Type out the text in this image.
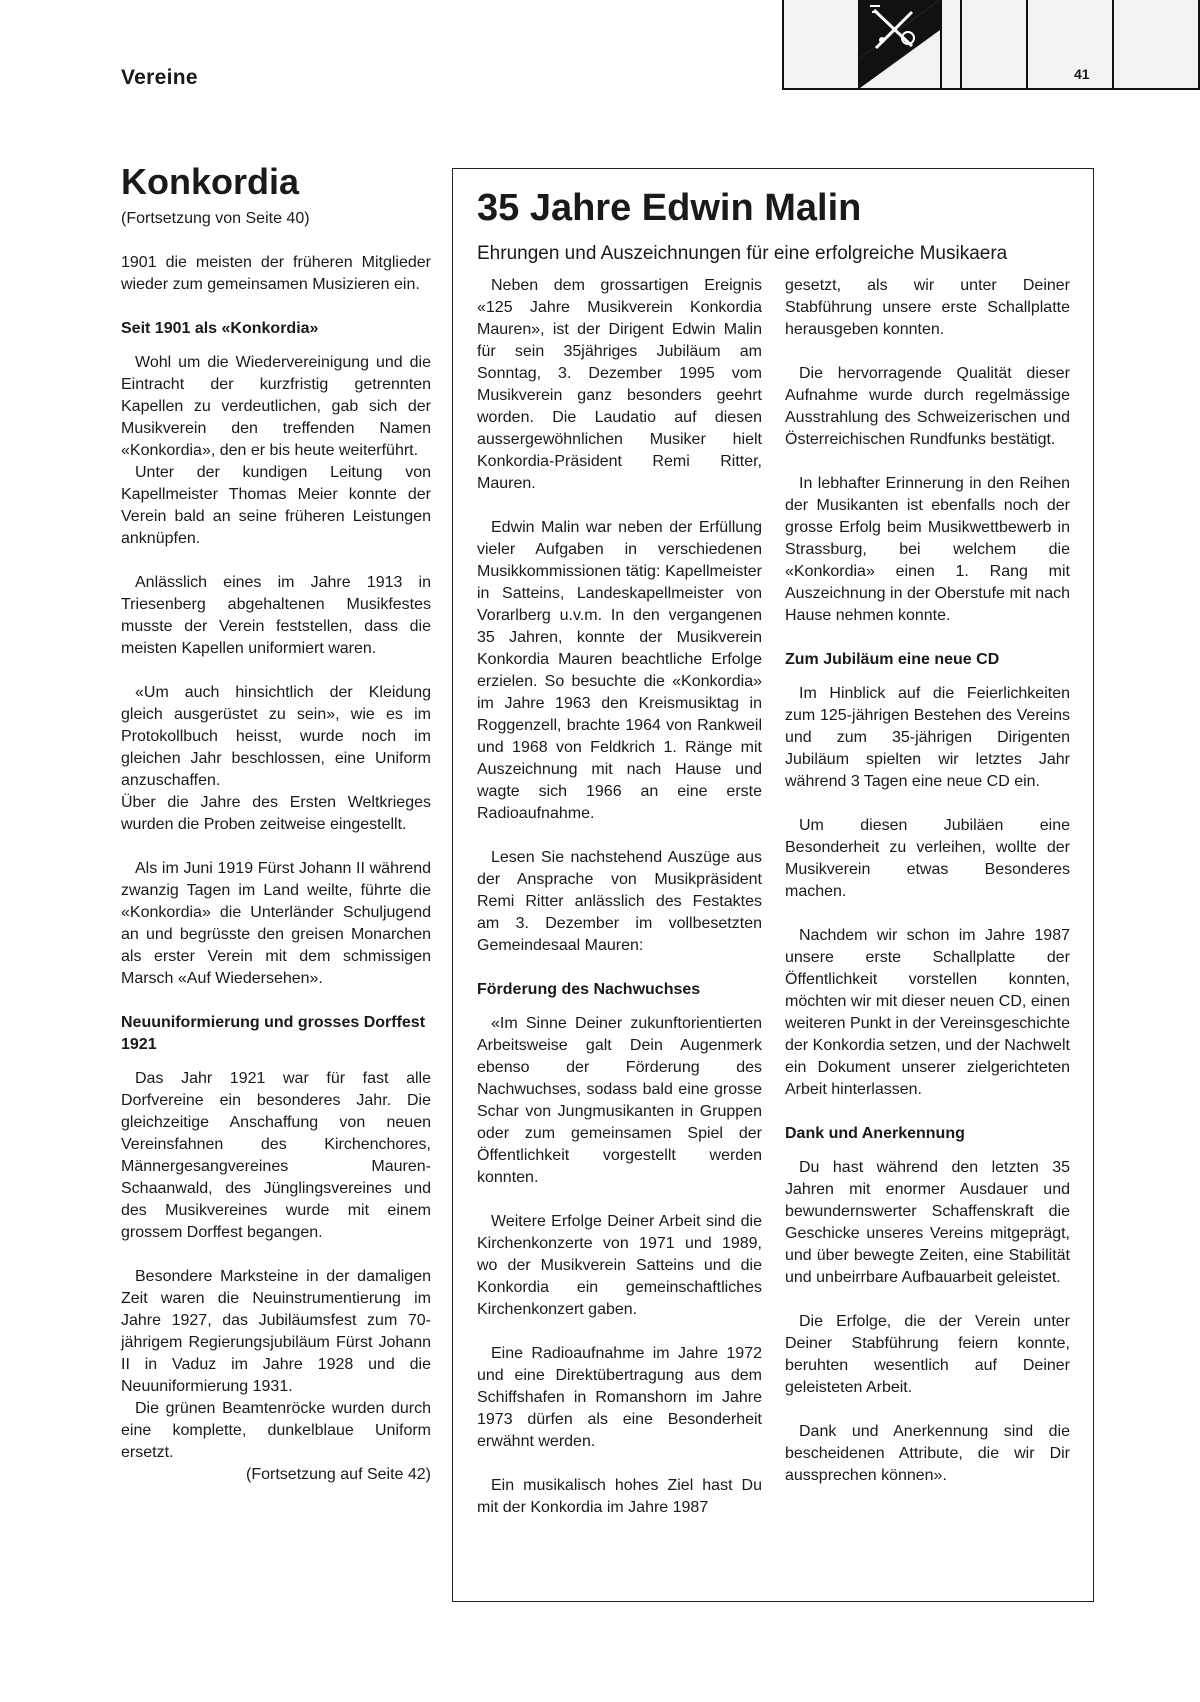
Vereine	41
Konkordia

(Fortsetzung von Seite 40)

1901 die meisten der früheren Mitglieder wieder zum gemeinsamen Musizieren ein.

Seit 1901 als «Konkordia»

Wohl um die Wiedervereinigung und die Eintracht der kurzfristig getrennten Kapellen zu verdeutlichen, gab sich der Musikverein den treffenden Namen «Konkordia», den er bis heute weiterführt.

Unter der kundigen Leitung von Kapellmeister Thomas Meier konnte der Verein bald an seine früheren Leistungen anknüpfen.

Anlässlich eines im Jahre 1913 in Triesenberg abgehaltenen Musikfestes musste der Verein feststellen, dass die meisten Kapellen uniformiert waren.

«Um auch hinsichtlich der Kleidung gleich ausgerüstet zu sein», wie es im Protokollbuch heisst, wurde noch im gleichen Jahr beschlossen, eine Uniform anzuschaffen.

Über die Jahre des Ersten Weltkrieges wurden die Proben zeitweise eingestellt.

Als im Juni 1919 Fürst Johann II während zwanzig Tagen im Land weilte, führte die «Konkordia» die Unterländer Schuljugend an und begrüsste den greisen Monarchen als erster Verein mit dem schmissigen Marsch «Auf Wiedersehen».

Neuuniformierung und grosses Dorffest 1921

Das Jahr 1921 war für fast alle Dorfvereine ein besonderes Jahr. Die gleichzeitige Anschaffung von neuen Vereinsfahnen des Kirchenchores, Männergesangvereines Mauren-Schaanwald, des Jünglingsvereines und des Musikvereines wurde mit einem grossem Dorffest begangen.

Besondere Marksteine in der damaligen Zeit waren die Neuinstrumentierung im Jahre 1927, das Jubiläumsfest zum 70-jährigem Regierungsjubiläum Fürst Johann II in Vaduz im Jahre 1928 und die Neuuniformierung 1931.

Die grünen Beamtenröcke wurden durch eine komplette, dunkelblaue Uniform ersetzt.

(Fortsetzung auf Seite 42)

35 Jahre Edwin Malin

Ehrungen und Auszeichnungen für eine erfolgreiche Musikaera

Neben dem grossartigen Ereignis «125 Jahre Musikverein Konkordia Mauren», ist der Dirigent Edwin Malin für sein 35jähriges Jubiläum am Sonntag, 3. Dezember 1995 vom Musikverein ganz besonders geehrt worden. Die Laudatio auf diesen aussergewöhnlichen Musiker hielt Konkordia-Präsident Remi Ritter, Mauren.

Edwin Malin war neben der Erfüllung vieler Aufgaben in verschiedenen Musikkommissionen tätig: Kapellmeister in Satteins, Landeskapellmeister von Vorarlberg u.v.m. In den vergangenen 35 Jahren, konnte der Musikverein Konkordia Mauren beachtliche Erfolge erzielen. So besuchte die «Konkordia» im Jahre 1963 den Kreismusiktag in Roggenzell, brachte 1964 von Rankweil und 1968 von Feldkrich 1. Ränge mit Auszeichnung mit nach Hause und wagte sich 1966 an eine erste Radioaufnahme.

Lesen Sie nachstehend Auszüge aus der Ansprache von Musikpräsident Remi Ritter anlässlich des Festaktes am 3. Dezember im vollbesetzten Gemeindesaal Mauren:

Förderung des Nachwuchses

«Im Sinne Deiner zukunftorientierten Arbeitsweise galt Dein Augenmerk ebenso der Förderung des Nachwuchses, sodass bald eine grosse Schar von Jungmusikanten in Gruppen oder zum gemeinsamen Spiel der Öffentlichkeit vorgestellt werden konnten.

Weitere Erfolge Deiner Arbeit sind die Kirchenkonzerte von 1971 und 1989, wo der Musikverein Satteins und die Konkordia ein gemeinschaftliches Kirchenkonzert gaben.

Eine Radioaufnahme im Jahre 1972 und eine Direktübertragung aus dem Schiffshafen in Romanshorn im Jahre 1973 dürfen als eine Besonderheit erwähnt werden.

Ein musikalisch hohes Ziel hast Du mit der Konkordia im Jahre 1987

gesetzt, als wir unter Deiner Stabführung unsere erste Schallplatte herausgeben konnten.

Die hervorragende Qualität dieser Aufnahme wurde durch regelmässige Ausstrahlung des Schweizerischen und Österreichischen Rundfunks bestätigt.

In lebhafter Erinnerung in den Reihen der Musikanten ist ebenfalls noch der grosse Erfolg beim Musikwettbewerb in Strassburg, bei welchem die «Konkordia» einen 1. Rang mit Auszeichnung in der Oberstufe mit nach Hause nehmen konnte.

Zum Jubiläum eine neue CD

Im Hinblick auf die Feierlichkeiten zum 125-jährigen Bestehen des Vereins und zum 35-jährigen Dirigenten Jubiläum spielten wir letztes Jahr während 3 Tagen eine neue CD ein.

Um diesen Jubiläen eine Besonderheit zu verleihen, wollte der Musikverein etwas Besonderes machen.

Nachdem wir schon im Jahre 1987 unsere erste Schallplatte der Öffentlichkeit vorstellen konnten, möchten wir mit dieser neuen CD, einen weiteren Punkt in der Vereinsgeschichte der Konkordia setzen, und der Nachwelt ein Dokument unserer zielgerichteten Arbeit hinterlassen.

Dank und Anerkennung

Du hast während den letzten 35 Jahren mit enormer Ausdauer und bewundernswerter Schaffenskraft die Geschicke unseres Vereins mitgeprägt, und über bewegte Zeiten, eine Stabilität und unbeirrbare Aufbauarbeit geleistet.

Die Erfolge, die der Verein unter Deiner Stabführung feiern konnte, beruhten wesentlich auf Deiner geleisteten Arbeit.

Dank und Anerkennung sind die bescheidenen Attribute, die wir Dir aussprechen können».
